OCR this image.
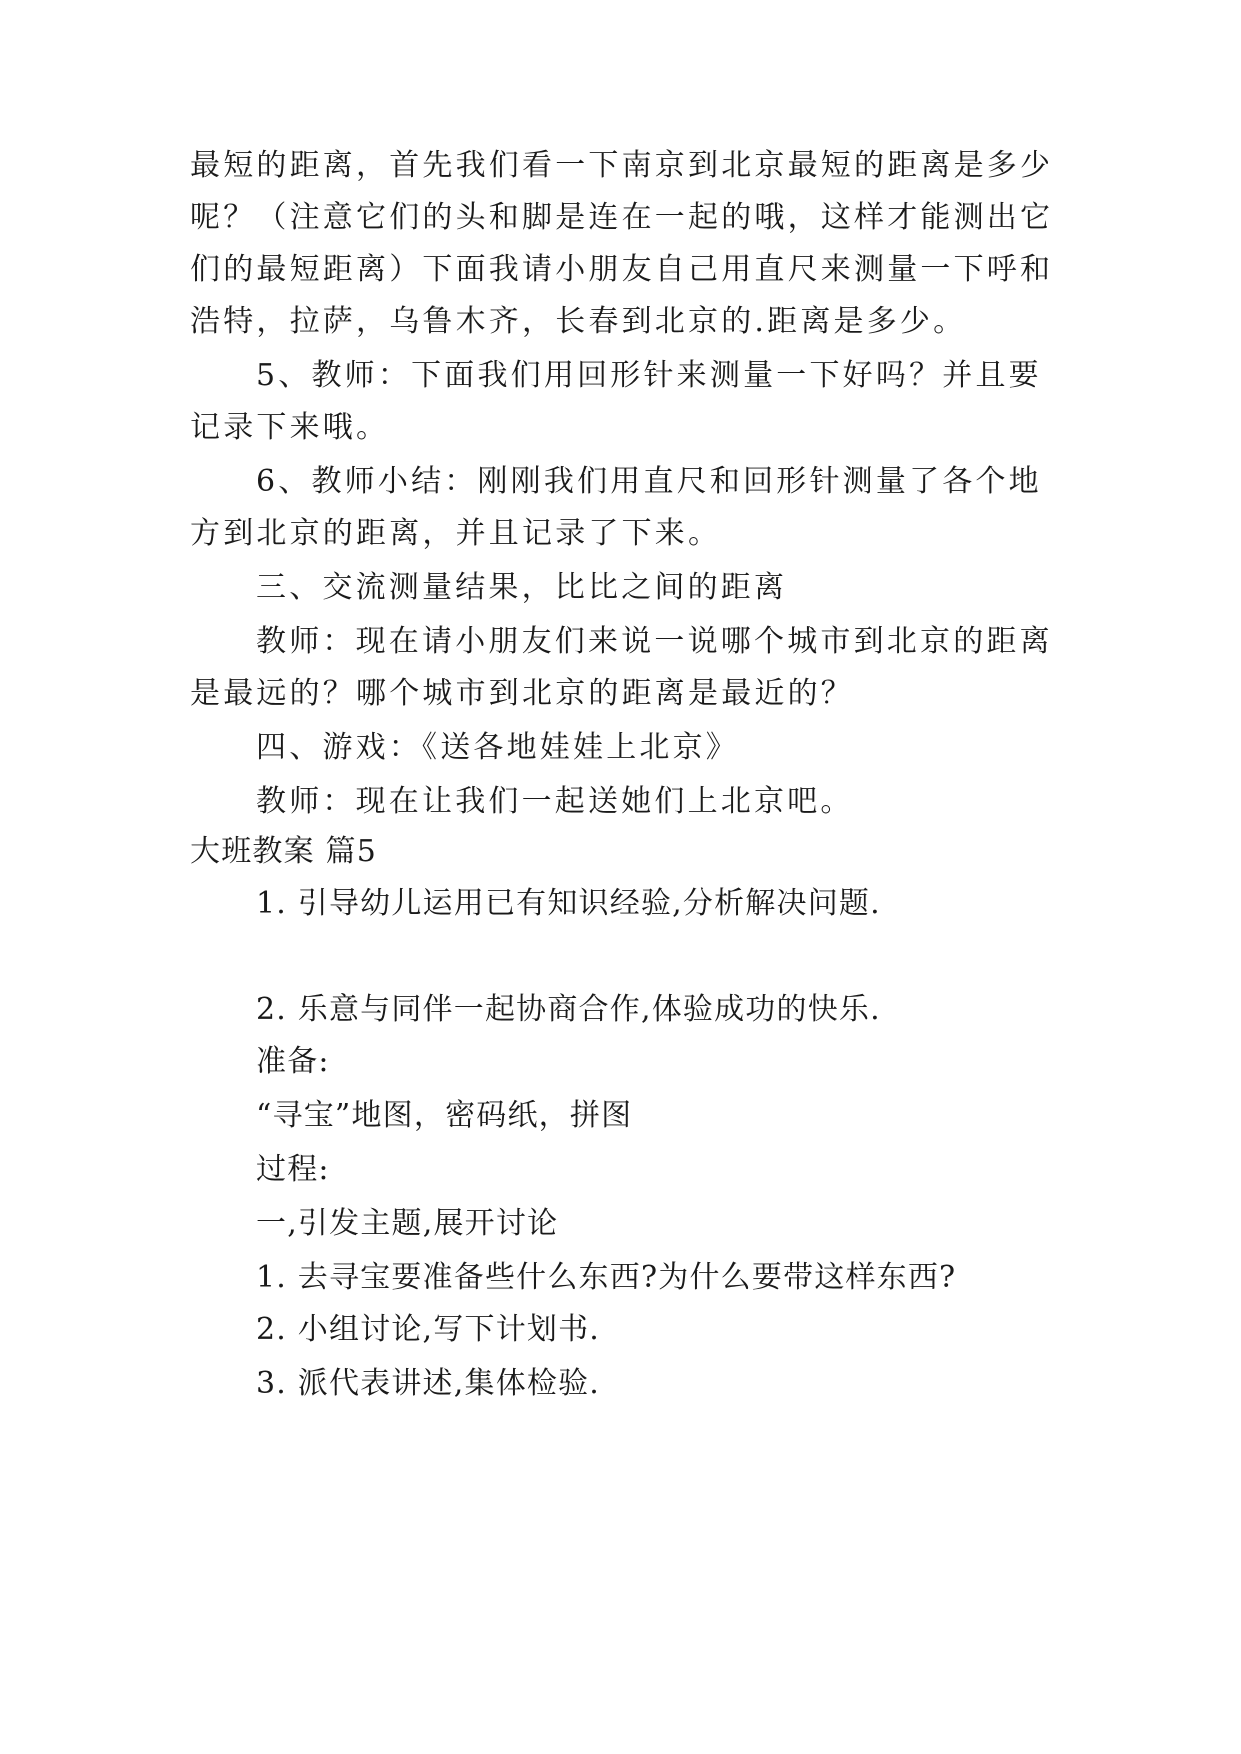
最短的距离，首先我们看一下南京到北京最短的距离是多少
呢？（注意它们的头和脚是连在一起的哦，这样才能测出它
们的最短距离）下面我请小朋友自己用直尺来测量一下呼和
浩特，拉萨，乌鲁木齐，长春到北京的.距离是多少。
5、教师：下面我们用回形针来测量一下好吗？并且要
记录下来哦。
6、教师小结：刚刚我们用直尺和回形针测量了各个地
方到北京的距离，并且记录了下来。
三、交流测量结果，比比之间的距离
教师：现在请小朋友们来说一说哪个城市到北京的距离
是最远的？哪个城市到北京的距离是最近的？
四、游戏：《送各地娃娃上北京》
教师：现在让我们一起送她们上北京吧。
大班教案 篇5
1. 引导幼儿运用已有知识经验,分析解决问题.
2. 乐意与同伴一起协商合作,体验成功的快乐.
准备:
“寻宝”地图，密码纸，拼图
过程:
一,引发主题,展开讨论
1. 去寻宝要准备些什么东西?为什么要带这样东西?
2. 小组讨论,写下计划书.
3. 派代表讲述,集体检验.
